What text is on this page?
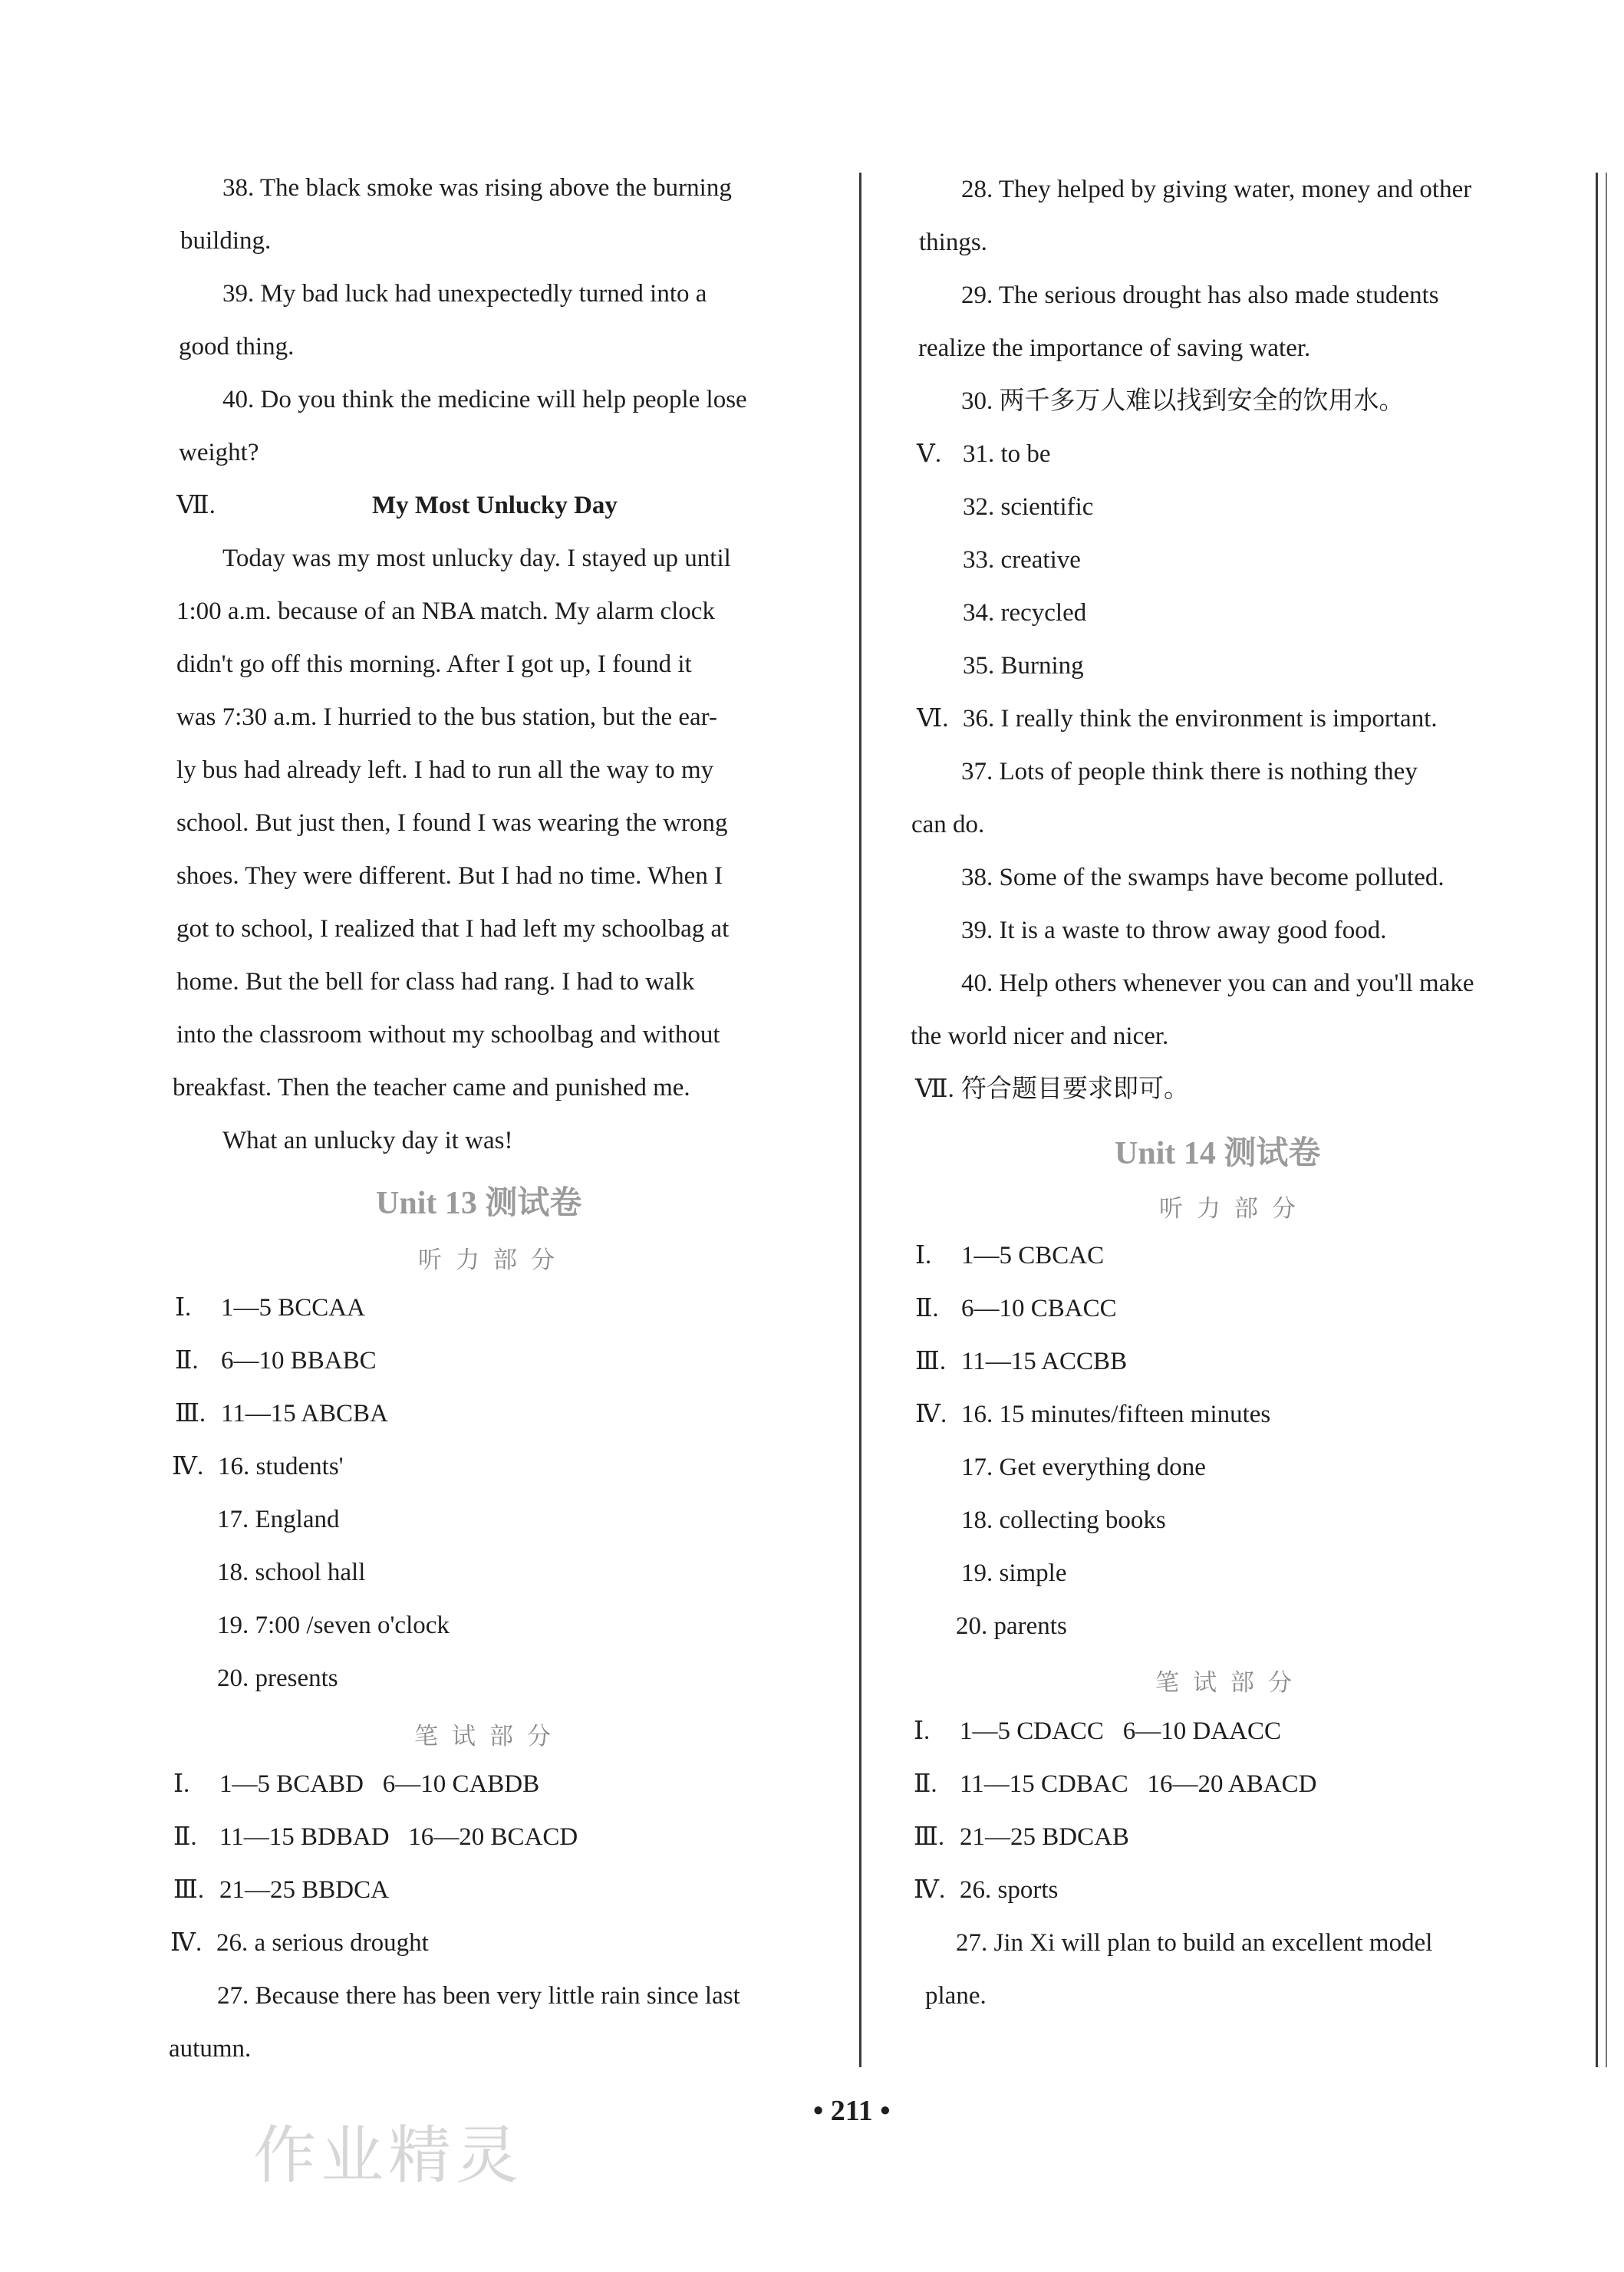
38. The black smoke was rising above the burning
building.
39. My bad luck had unexpectedly turned into a
good thing.
40. Do you think the medicine will help people lose
weight?
Ⅶ.	My Most Unlucky Day
Today was my most unlucky day. I stayed up until
1:00 a.m. because of an NBA match. My alarm clock
didn't go off this morning. After I got up, I found it
was 7:30 a.m. I hurried to the bus station, but the ear-
ly bus had already left. I had to run all the way to my
school. But just then, I found I was wearing the wrong
shoes. They were different. But I had no time. When I
got to school, I realized that I had left my schoolbag at
home. But the bell for class had rang. I had to walk
into the classroom without my schoolbag and without
breakfast. Then the teacher came and punished me.
What an unlucky day it was!
Unit 13 测试卷
听力部分
Ⅰ. 1—5 BCCAA
Ⅱ. 6—10 BBABC
Ⅲ. 11—15 ABCBA
Ⅳ. 16. students'
17. England
18. school hall
19. 7:00 /seven o'clock
20. presents
笔试部分
Ⅰ. 1—5 BCABD   6—10 CABDB
Ⅱ. 11—15 BDBAD   16—20 BCACD
Ⅲ. 21—25 BBDCA
Ⅳ. 26. a serious drought
27. Because there has been very little rain since last
autumn.
28. They helped by giving water, money and other
things.
29. The serious drought has also made students
realize the importance of saving water.
30. 两千多万人难以找到安全的饮用水。
Ⅴ. 31. to be
32. scientific
33. creative
34. recycled
35. Burning
Ⅵ. 36. I really think the environment is important.
37. Lots of people think there is nothing they
can do.
38. Some of the swamps have become polluted.
39. It is a waste to throw away good food.
40. Help others whenever you can and you'll make
the world nicer and nicer.
Ⅶ. 符合题目要求即可。
Unit 14 测试卷
听力部分
Ⅰ. 1—5 CBCAC
Ⅱ. 6—10 CBACC
Ⅲ. 11—15 ACCBB
Ⅳ. 16. 15 minutes/fifteen minutes
17. Get everything done
18. collecting books
19. simple
20. parents
笔试部分
Ⅰ. 1—5 CDACC   6—10 DAACC
Ⅱ. 11—15 CDBAC   16—20 ABACD
Ⅲ. 21—25 BDCAB
Ⅳ. 26. sports
27. Jin Xi will plan to build an excellent model
plane.
• 211 •
作业精灵
